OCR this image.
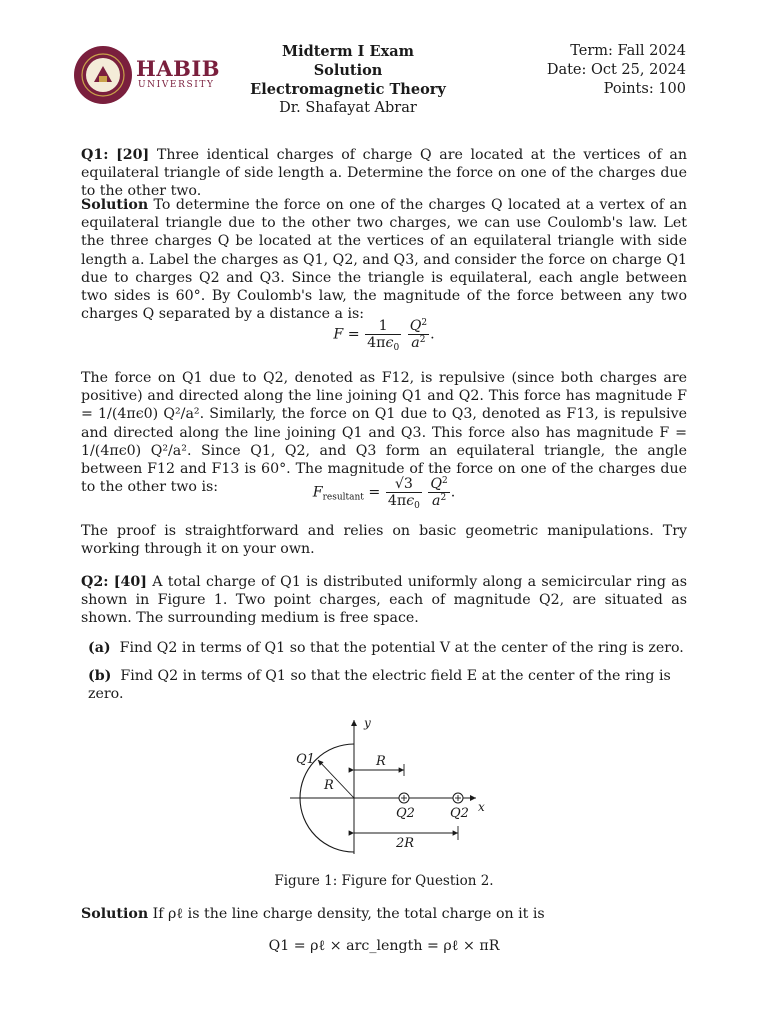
HABIB
UNIVERSITY
Midterm I Exam Solution
Electromagnetic Theory
Dr. Shafayat Abrar
Term: Fall 2024
Date: Oct 25, 2024
Points: 100
Q1: [20] Three identical charges of charge Q are located at the vertices of an equilateral triangle of side length a. Determine the force on one of the charges due to the other two.
Solution To determine the force on one of the charges Q located at a vertex of an equilateral triangle due to the other two charges, we can use Coulomb's law. Let the three charges Q be located at the vertices of an equilateral triangle with side length a. Label the charges as Q1, Q2, and Q3, and consider the force on charge Q1 due to charges Q2 and Q3. Since the triangle is equilateral, each angle between two sides is 60°. By Coulomb's law, the magnitude of the force between any two charges Q separated by a distance a is:
$F = \frac{1}{4\pi\epsilon_0}$
$\frac{Q^2}{a^2}$ .
The force on Q1 due to Q2, denoted as F12, is repulsive (since both charges are positive) and directed along the line joining Q1 and Q2. This force has magnitude F = 1/(4πϵ0) Q²/a². Similarly, the force on Q1 due to Q3, denoted as F13, is repulsive and directed along the line joining Q1 and Q3. This force also has magnitude F = 1/(4πϵ0) Q²/a². Since Q1, Q2, and Q3 form an equilateral triangle, the angle between F12 and F13 is 60°. The magnitude of the force on one of the charges due to the other two is:	$F_{resultant} = \frac{√3}{4\pi\epsilon_0}$
$\frac{Q^2}{a^2}$ .
The proof is straightforward and relies on basic geometric manipulations. Try working through it on your own.
Q2: [40] A total charge of Q1 is distributed uniformly along a semicircular ring as shown in Figure 1. Two point charges, each of magnitude Q2, are situated as shown. The surrounding medium is free space.
(a) Find Q2 in terms of Q1 so that the potential V at the center of the ring is zero.
(b) Find Q2 in terms of Q1 so that the electric field E at the center of the ring is zero.
y
x
Q1	R
R
Q2	Q2
2R
Figure 1: Figure for Question 2.
Solution If ρℓ is the line charge density, the total charge on it is
Q1 = ρℓ × arc_length = ρℓ × πR
